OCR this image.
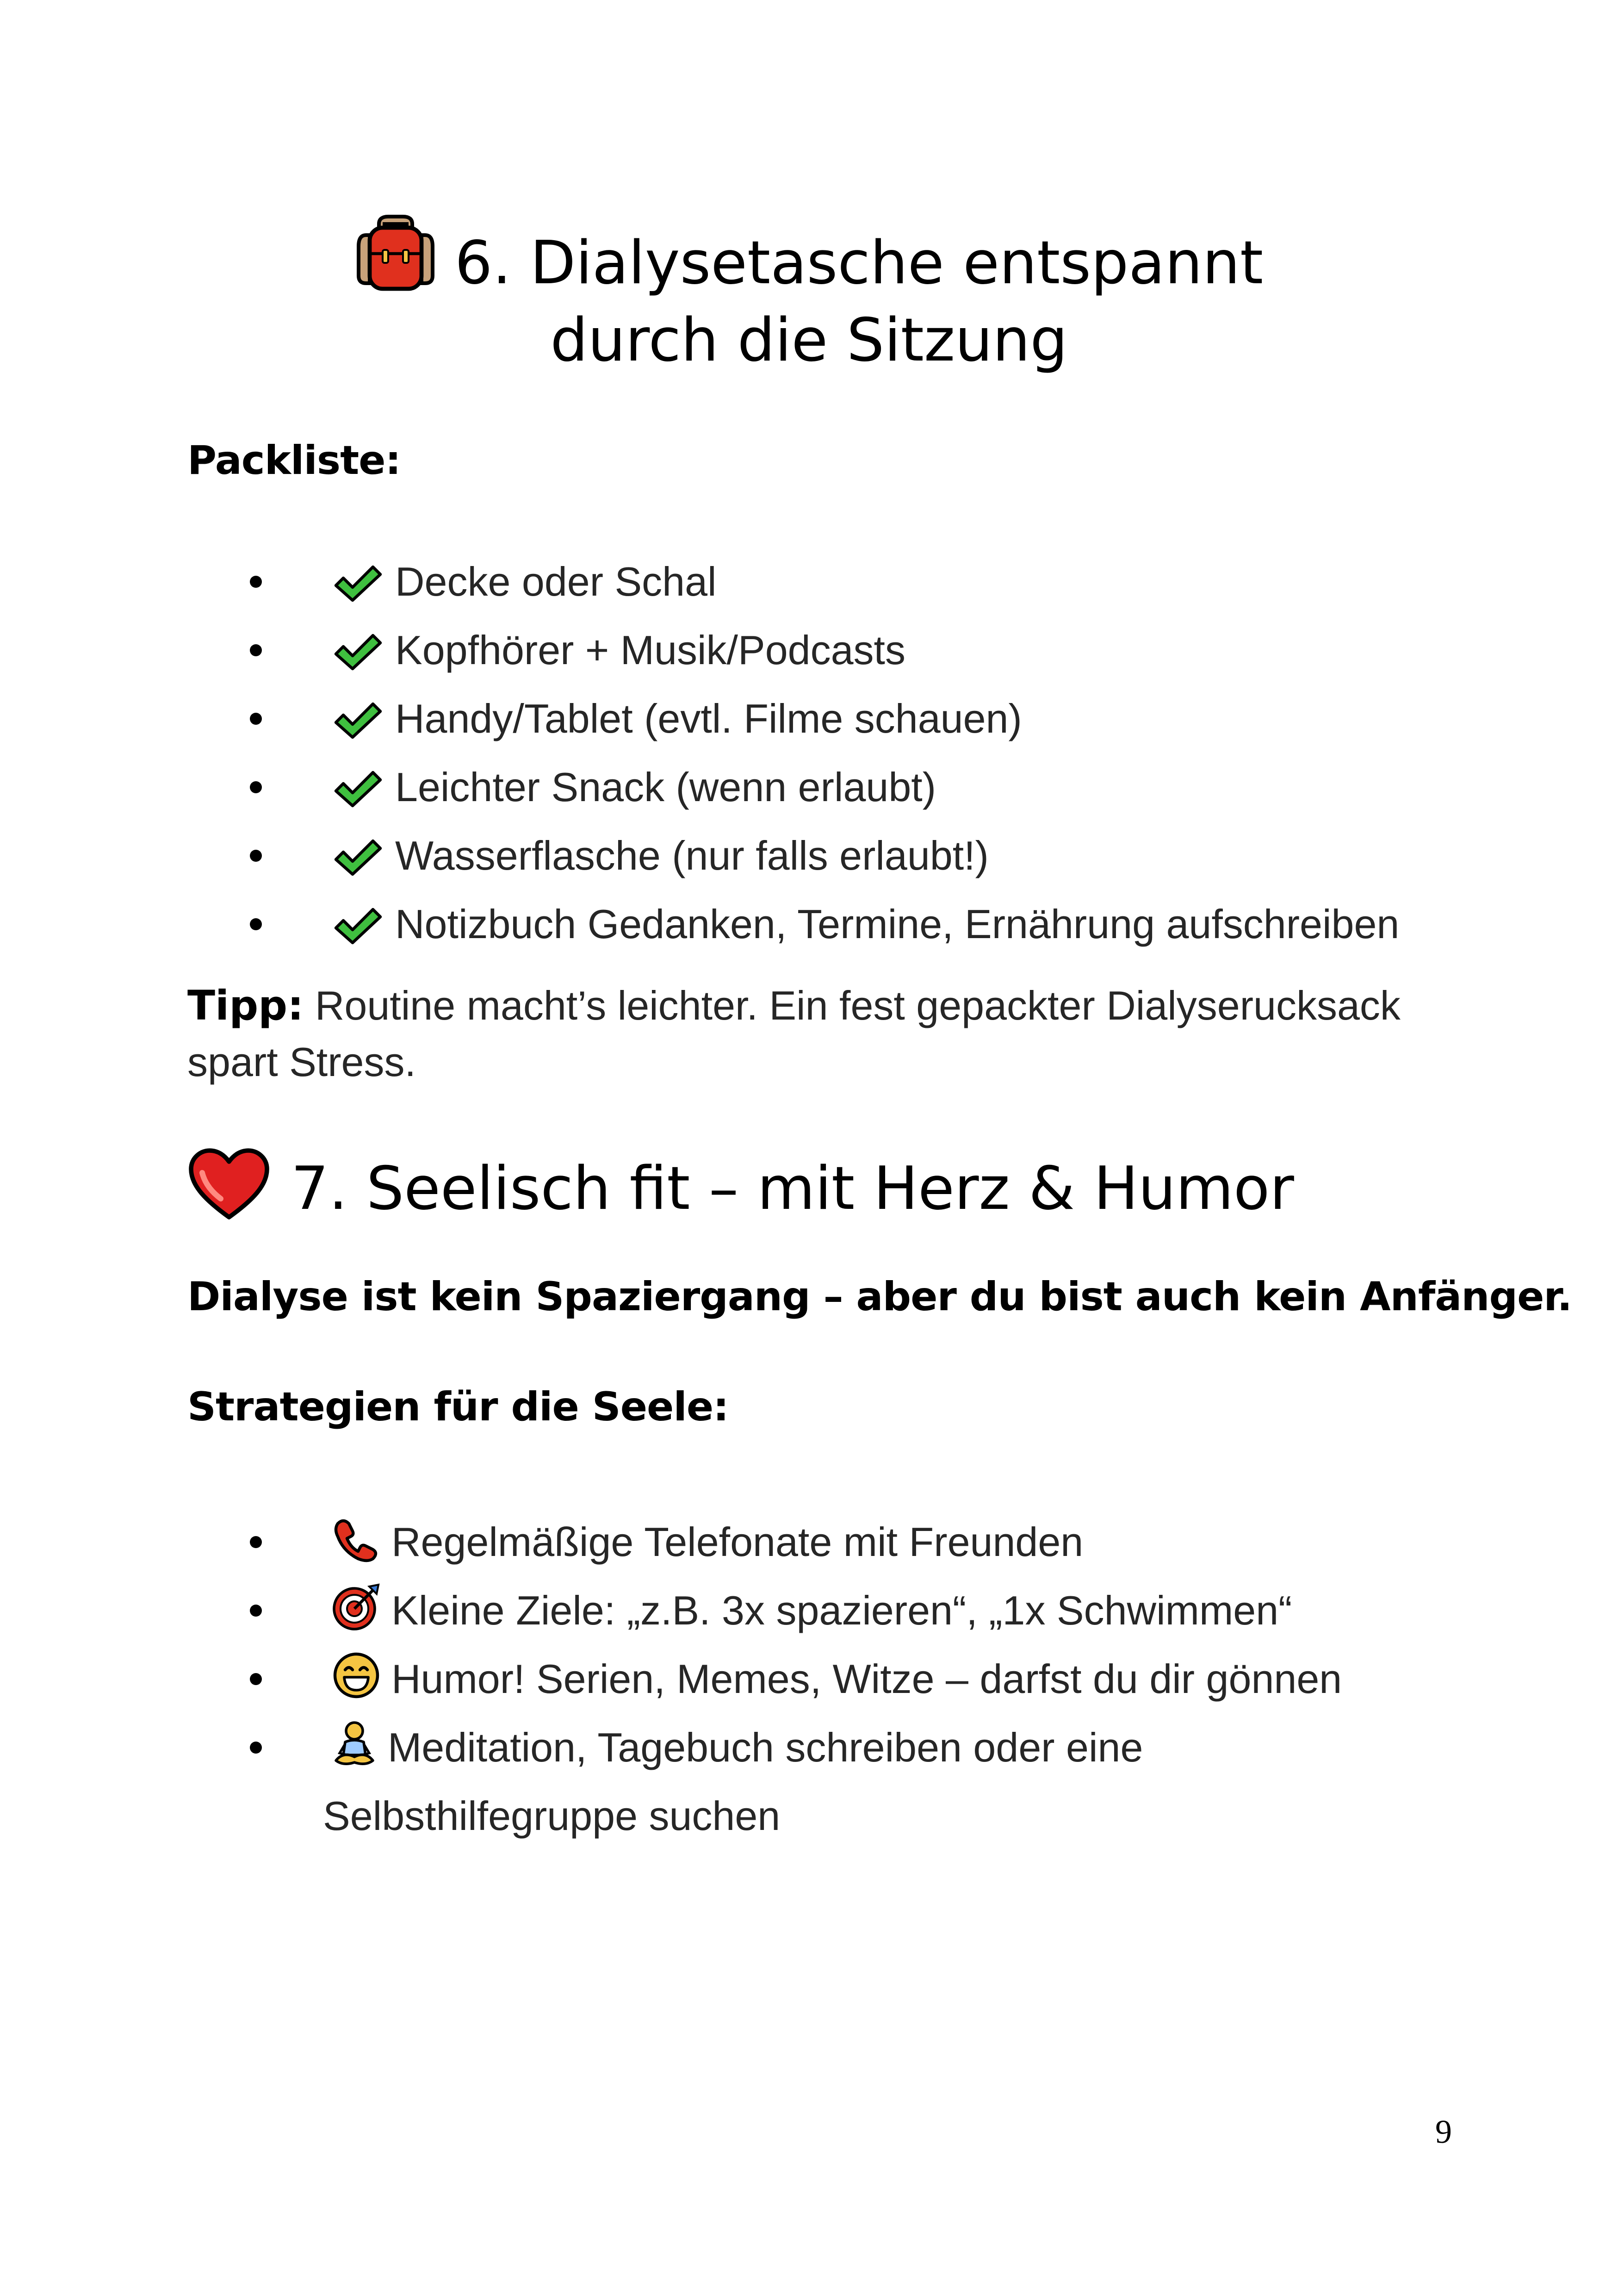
6. Dialysetasche entspannt
durch die Sitzung
Packliste:
Decke oder Schal
Kopfhörer + Musik/Podcasts
Handy/Tablet (evtl. Filme schauen)
Leichter Snack (wenn erlaubt)
Wasserflasche (nur falls erlaubt!)
Notizbuch Gedanken, Termine, Ernährung aufschreiben
Tipp: Routine macht’s leichter. Ein fest gepackter Dialyserucksack spart Stress.
7. Seelisch fit – mit Herz & Humor
Dialyse ist kein Spaziergang – aber du bist auch kein Anfänger.
Strategien für die Seele:
Regelmäßige Telefonate mit Freunden
Kleine Ziele: „z.B. 3x spazieren“, „1x Schwimmen“
Humor! Serien, Memes, Witze – darfst du dir gönnen
Meditation, Tagebuch schreiben oder eine
Selbsthilfegruppe suchen
9
